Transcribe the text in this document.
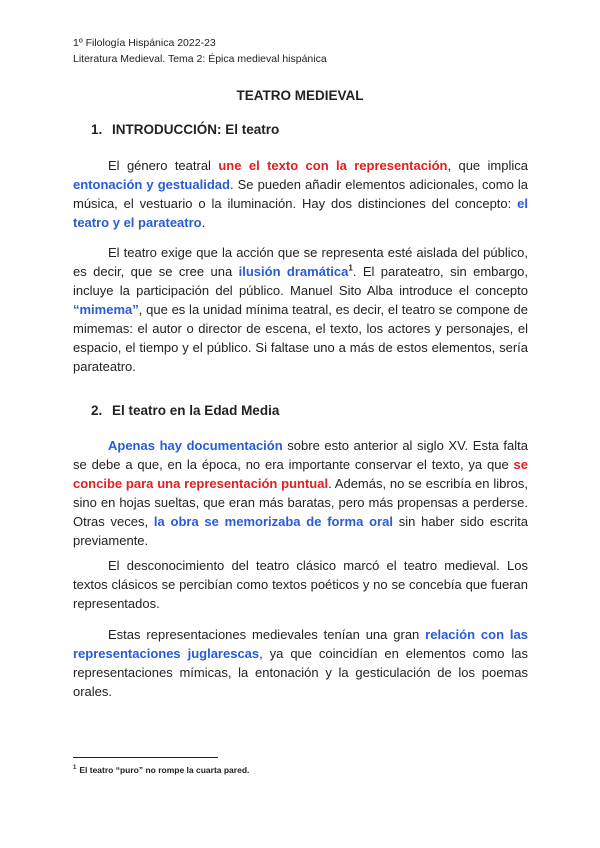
1º Filología Hispánica 2022-23
Literatura Medieval. Tema 2: Épica medieval hispánica
TEATRO MEDIEVAL
1. INTRODUCCIÓN: El teatro

El género teatral une el texto con la representación, que implica entonación y gestualidad. Se pueden añadir elementos adicionales, como la música, el vestuario o la iluminación. Hay dos distinciones del concepto: el teatro y el parateatro.

El teatro exige que la acción que se representa esté aislada del público, es decir, que se cree una ilusión dramática$^1$. El parateatro, sin embargo, incluye la participación del público. Manuel Sito Alba introduce el concepto “mimema”, que es la unidad mínima teatral, es decir, el teatro se compone de mimemas: el autor o director de escena, el texto, los actores y personajes, el espacio, el tiempo y el público. Si faltase uno a más de estos elementos, sería parateatro.

2. El teatro en la Edad Media

Apenas hay documentación sobre esto anterior al siglo XV. Esta falta se debe a que, en la época, no era importante conservar el texto, ya que se concibe para una representación puntual. Además, no se escribía en libros, sino en hojas sueltas, que eran más baratas, pero más propensas a perderse. Otras veces, la obra se memorizaba de forma oral sin haber sido escrita previamente.

El desconocimiento del teatro clásico marcó el teatro medieval. Los textos clásicos se percibían como textos poéticos y no se concebía que fueran representados.

Estas representaciones medievales tenían una gran relación con las representaciones juglarescas, ya que coincidían en elementos como las representaciones mímicas, la entonación y la gesticulación de los poemas orales.

$^1$ El teatro “puro” no rompe la cuarta pared.
